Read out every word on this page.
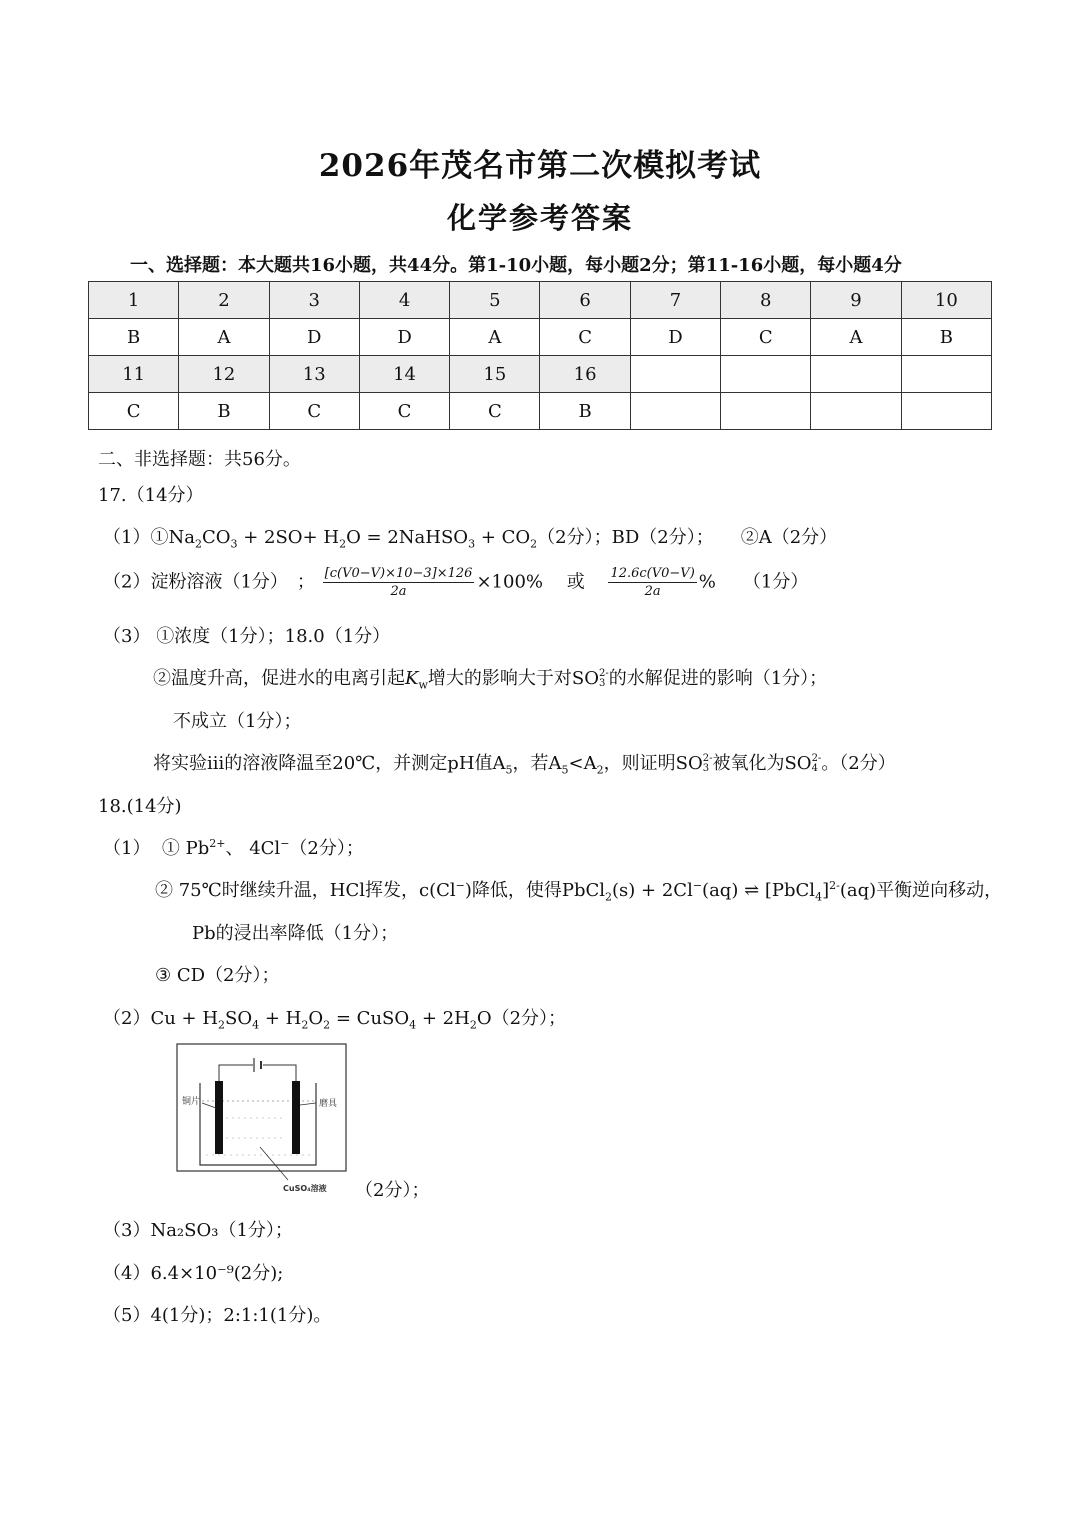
2026年茂名市第二次模拟考试
化学参考答案
一、选择题：本大题共16小题，共44分。第1-10小题，每小题2分；第11-16小题，每小题4分
1	2	3	4	5	6	7	8	9	10
B	A	D	D	A	C	D	C	A	B
11	12	13	14	15	16				
C	B	C	C	C	B				
二、非选择题：共56分。
17.（14分）
$(1)①Na_2CO_3 + 2SO+ H_2O$ = 2NaHSO$_3$ + $CO_2(2$分）；BD（2分）；　　②A（2分）
（2）淀粉溶液（1分）　； $\frac{[c(V0-V)\times 10-3]\times 126}{2a} \times 100\%$　 或 $\frac{12.6c(V0-V)}{2a}$ %　　（1分）
（3） ①浓度（1分）；18.0（1分）
②温度升高，促进水的电离引起$K_w$增大的影响大于对SO 2-
3 的水解促进的影响（1分）；
不成立（1分）；
将实验iii的溶液降温至20℃，并测定pH值$A_5$，若$A_5<A_2$，则证明SO 2-
3 被氧化为SO 2-
4 。（2分）
18.(14分)
（1） ① $Pb^{2+}$、 4Cl−（2分）；
② 75℃时继续升温，HCl挥发，c(Cl−)降低，使得PbCl$_2$(s) + 2Cl−(aq) ⇌ [PbCl$_4$]$^{2-}$(aq)平衡逆向移动，
Pb的浸出率降低（1分）；
③ CD（2分）；
$(2)Cu + H_2SO_4 + H_2O_2$ = CuSO$_4$ + $2H_2O(2$分）；
铜片	磨具
CuSO₄溶液 （2分）；
（3）Na₂SO₃（1分）；
（4）6.4×10⁻⁹(2分);
（5）4(1分)；2:1:1(1分)。
